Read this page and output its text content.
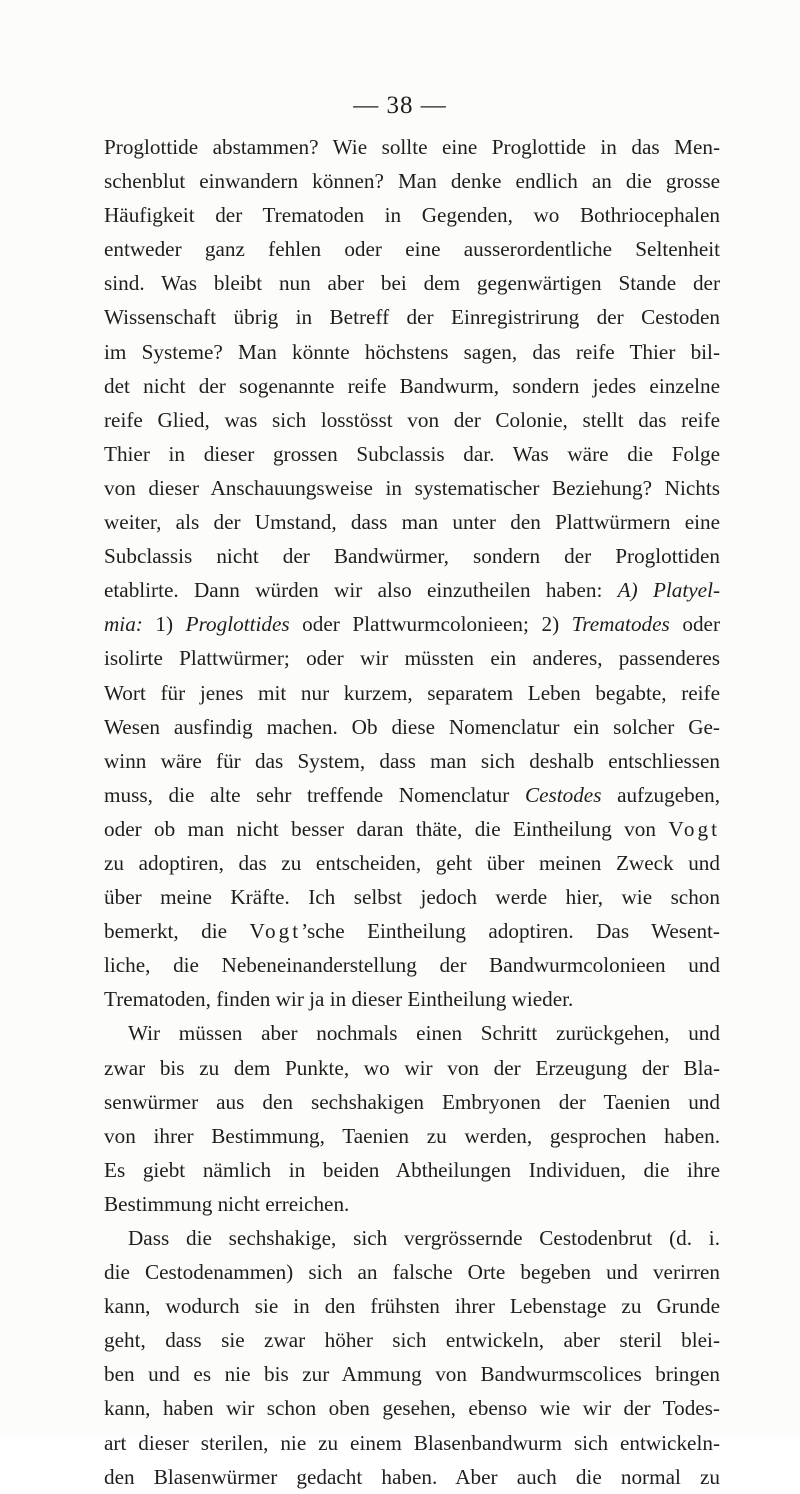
— 38 —
Proglottide abstammen? Wie sollte eine Proglottide in das Men-
schenblut einwandern können? Man denke endlich an die grosse
Häufigkeit der Trematoden in Gegenden, wo Bothriocephalen
entweder ganz fehlen oder eine ausserordentliche Seltenheit
sind. Was bleibt nun aber bei dem gegenwärtigen Stande der
Wissenschaft übrig in Betreff der Einregistrirung der Cestoden
im Systeme? Man könnte höchstens sagen, das reife Thier bil-
det nicht der sogenannte reife Bandwurm, sondern jedes einzelne
reife Glied, was sich losstösst von der Colonie, stellt das reife
Thier in dieser grossen Subclassis dar. Was wäre die Folge
von dieser Anschauungsweise in systematischer Beziehung? Nichts
weiter, als der Umstand, dass man unter den Plattwürmern eine
Subclassis nicht der Bandwürmer, sondern der Proglottiden
etablirte. Dann würden wir also einzutheilen haben: A) Platyel-
mia: 1) Proglottides oder Plattwurmcolonieen; 2) Trematodes oder
isolirte Plattwürmer; oder wir müssten ein anderes, passenderes
Wort für jenes mit nur kurzem, separatem Leben begabte, reife
Wesen ausfindig machen. Ob diese Nomenclatur ein solcher Ge-
winn wäre für das System, dass man sich deshalb entschliessen
muss, die alte sehr treffende Nomenclatur Cestodes aufzugeben,
oder ob man nicht besser daran thäte, die Eintheilung von Vogt
zu adoptiren, das zu entscheiden, geht über meinen Zweck und
über meine Kräfte. Ich selbst jedoch werde hier, wie schon
bemerkt, die Vogt’sche Eintheilung adoptiren. Das Wesent-
liche, die Nebeneinanderstellung der Bandwurmcolonieen und
Trematoden, finden wir ja in dieser Eintheilung wieder.
Wir müssen aber nochmals einen Schritt zurückgehen, und
zwar bis zu dem Punkte, wo wir von der Erzeugung der Bla-
senwürmer aus den sechshakigen Embryonen der Taenien und
von ihrer Bestimmung, Taenien zu werden, gesprochen haben.
Es giebt nämlich in beiden Abtheilungen Individuen, die ihre
Bestimmung nicht erreichen.
Dass die sechshakige, sich vergrössernde Cestodenbrut (d. i.
die Cestodenammen) sich an falsche Orte begeben und verirren
kann, wodurch sie in den frühsten ihrer Lebenstage zu Grunde
geht, dass sie zwar höher sich entwickeln, aber steril blei-
ben und es nie bis zur Ammung von Bandwurmscolices bringen
kann, haben wir schon oben gesehen, ebenso wie wir der Todes-
art dieser sterilen, nie zu einem Blasenbandwurm sich entwickeln-
den Blasenwürmer gedacht haben. Aber auch die normal zu
